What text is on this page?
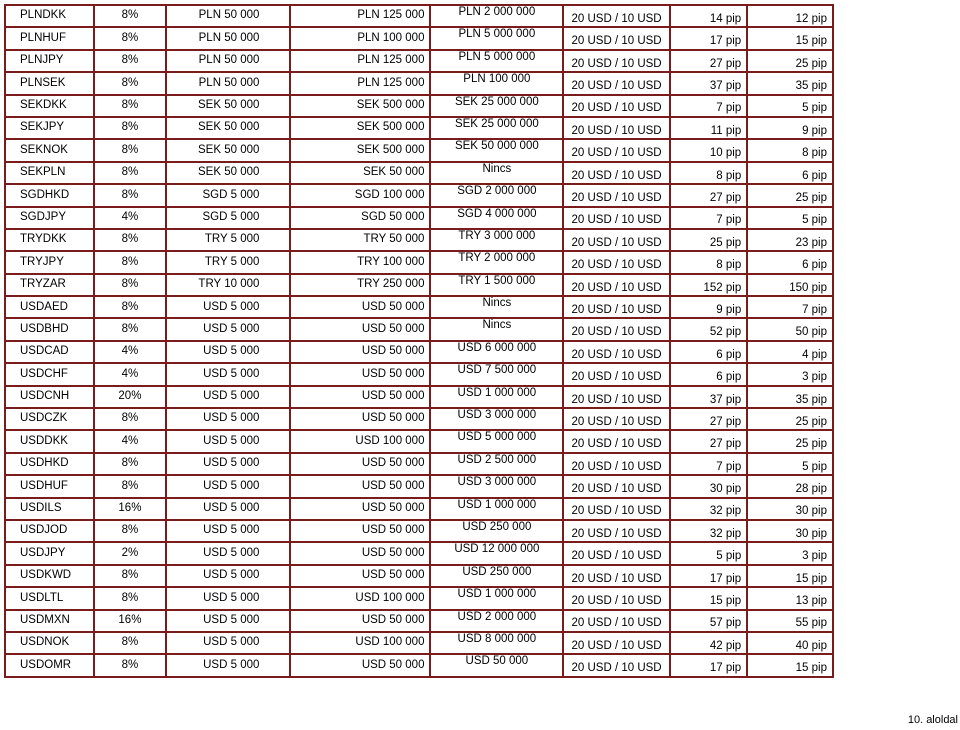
PLNDKK	8%	PLN 50 000	PLN 125 000	PLN 2 000 000	20 USD / 10 USD	14 pip	12 pip
PLNHUF	8%	PLN 50 000	PLN 100 000	PLN 5 000 000	20 USD / 10 USD	17 pip	15 pip
PLNJPY	8%	PLN 50 000	PLN 125 000	PLN 5 000 000	20 USD / 10 USD	27 pip	25 pip
PLNSEK	8%	PLN 50 000	PLN 125 000	PLN 100 000	20 USD / 10 USD	37 pip	35 pip
SEKDKK	8%	SEK 50 000	SEK 500 000	SEK 25 000 000	20 USD / 10 USD	7 pip	5 pip
SEKJPY	8%	SEK 50 000	SEK 500 000	SEK 25 000 000	20 USD / 10 USD	11 pip	9 pip
SEKNOK	8%	SEK 50 000	SEK 500 000	SEK 50 000 000	20 USD / 10 USD	10 pip	8 pip
SEKPLN	8%	SEK 50 000	SEK 50 000	Nincs	20 USD / 10 USD	8 pip	6 pip
SGDHKD	8%	SGD 5 000	SGD 100 000	SGD 2 000 000	20 USD / 10 USD	27 pip	25 pip
SGDJPY	4%	SGD 5 000	SGD 50 000	SGD 4 000 000	20 USD / 10 USD	7 pip	5 pip
TRYDKK	8%	TRY 5 000	TRY 50 000	TRY 3 000 000	20 USD / 10 USD	25 pip	23 pip
TRYJPY	8%	TRY 5 000	TRY 100 000	TRY 2 000 000	20 USD / 10 USD	8 pip	6 pip
TRYZAR	8%	TRY 10 000	TRY 250 000	TRY 1 500 000	20 USD / 10 USD	152 pip	150 pip
USDAED	8%	USD 5 000	USD 50 000	Nincs	20 USD / 10 USD	9 pip	7 pip
USDBHD	8%	USD 5 000	USD 50 000	Nincs	20 USD / 10 USD	52 pip	50 pip
USDCAD	4%	USD 5 000	USD 50 000	USD 6 000 000	20 USD / 10 USD	6 pip	4 pip
USDCHF	4%	USD 5 000	USD 50 000	USD 7 500 000	20 USD / 10 USD	6 pip	3 pip
USDCNH	20%	USD 5 000	USD 50 000	USD 1 000 000	20 USD / 10 USD	37 pip	35 pip
USDCZK	8%	USD 5 000	USD 50 000	USD 3 000 000	20 USD / 10 USD	27 pip	25 pip
USDDKK	4%	USD 5 000	USD 100 000	USD 5 000 000	20 USD / 10 USD	27 pip	25 pip
USDHKD	8%	USD 5 000	USD 50 000	USD 2 500 000	20 USD / 10 USD	7 pip	5 pip
USDHUF	8%	USD 5 000	USD 50 000	USD 3 000 000	20 USD / 10 USD	30 pip	28 pip
USDILS	16%	USD 5 000	USD 50 000	USD 1 000 000	20 USD / 10 USD	32 pip	30 pip
USDJOD	8%	USD 5 000	USD 50 000	USD 250 000	20 USD / 10 USD	32 pip	30 pip
USDJPY	2%	USD 5 000	USD 50 000	USD 12 000 000	20 USD / 10 USD	5 pip	3 pip
USDKWD	8%	USD 5 000	USD 50 000	USD 250 000	20 USD / 10 USD	17 pip	15 pip
USDLTL	8%	USD 5 000	USD 100 000	USD 1 000 000	20 USD / 10 USD	15 pip	13 pip
USDMXN	16%	USD 5 000	USD 50 000	USD 2 000 000	20 USD / 10 USD	57 pip	55 pip
USDNOK	8%	USD 5 000	USD 100 000	USD 8 000 000	20 USD / 10 USD	42 pip	40 pip
USDOMR	8%	USD 5 000	USD 50 000	USD 50 000	20 USD / 10 USD	17 pip	15 pip
10. aloldal
